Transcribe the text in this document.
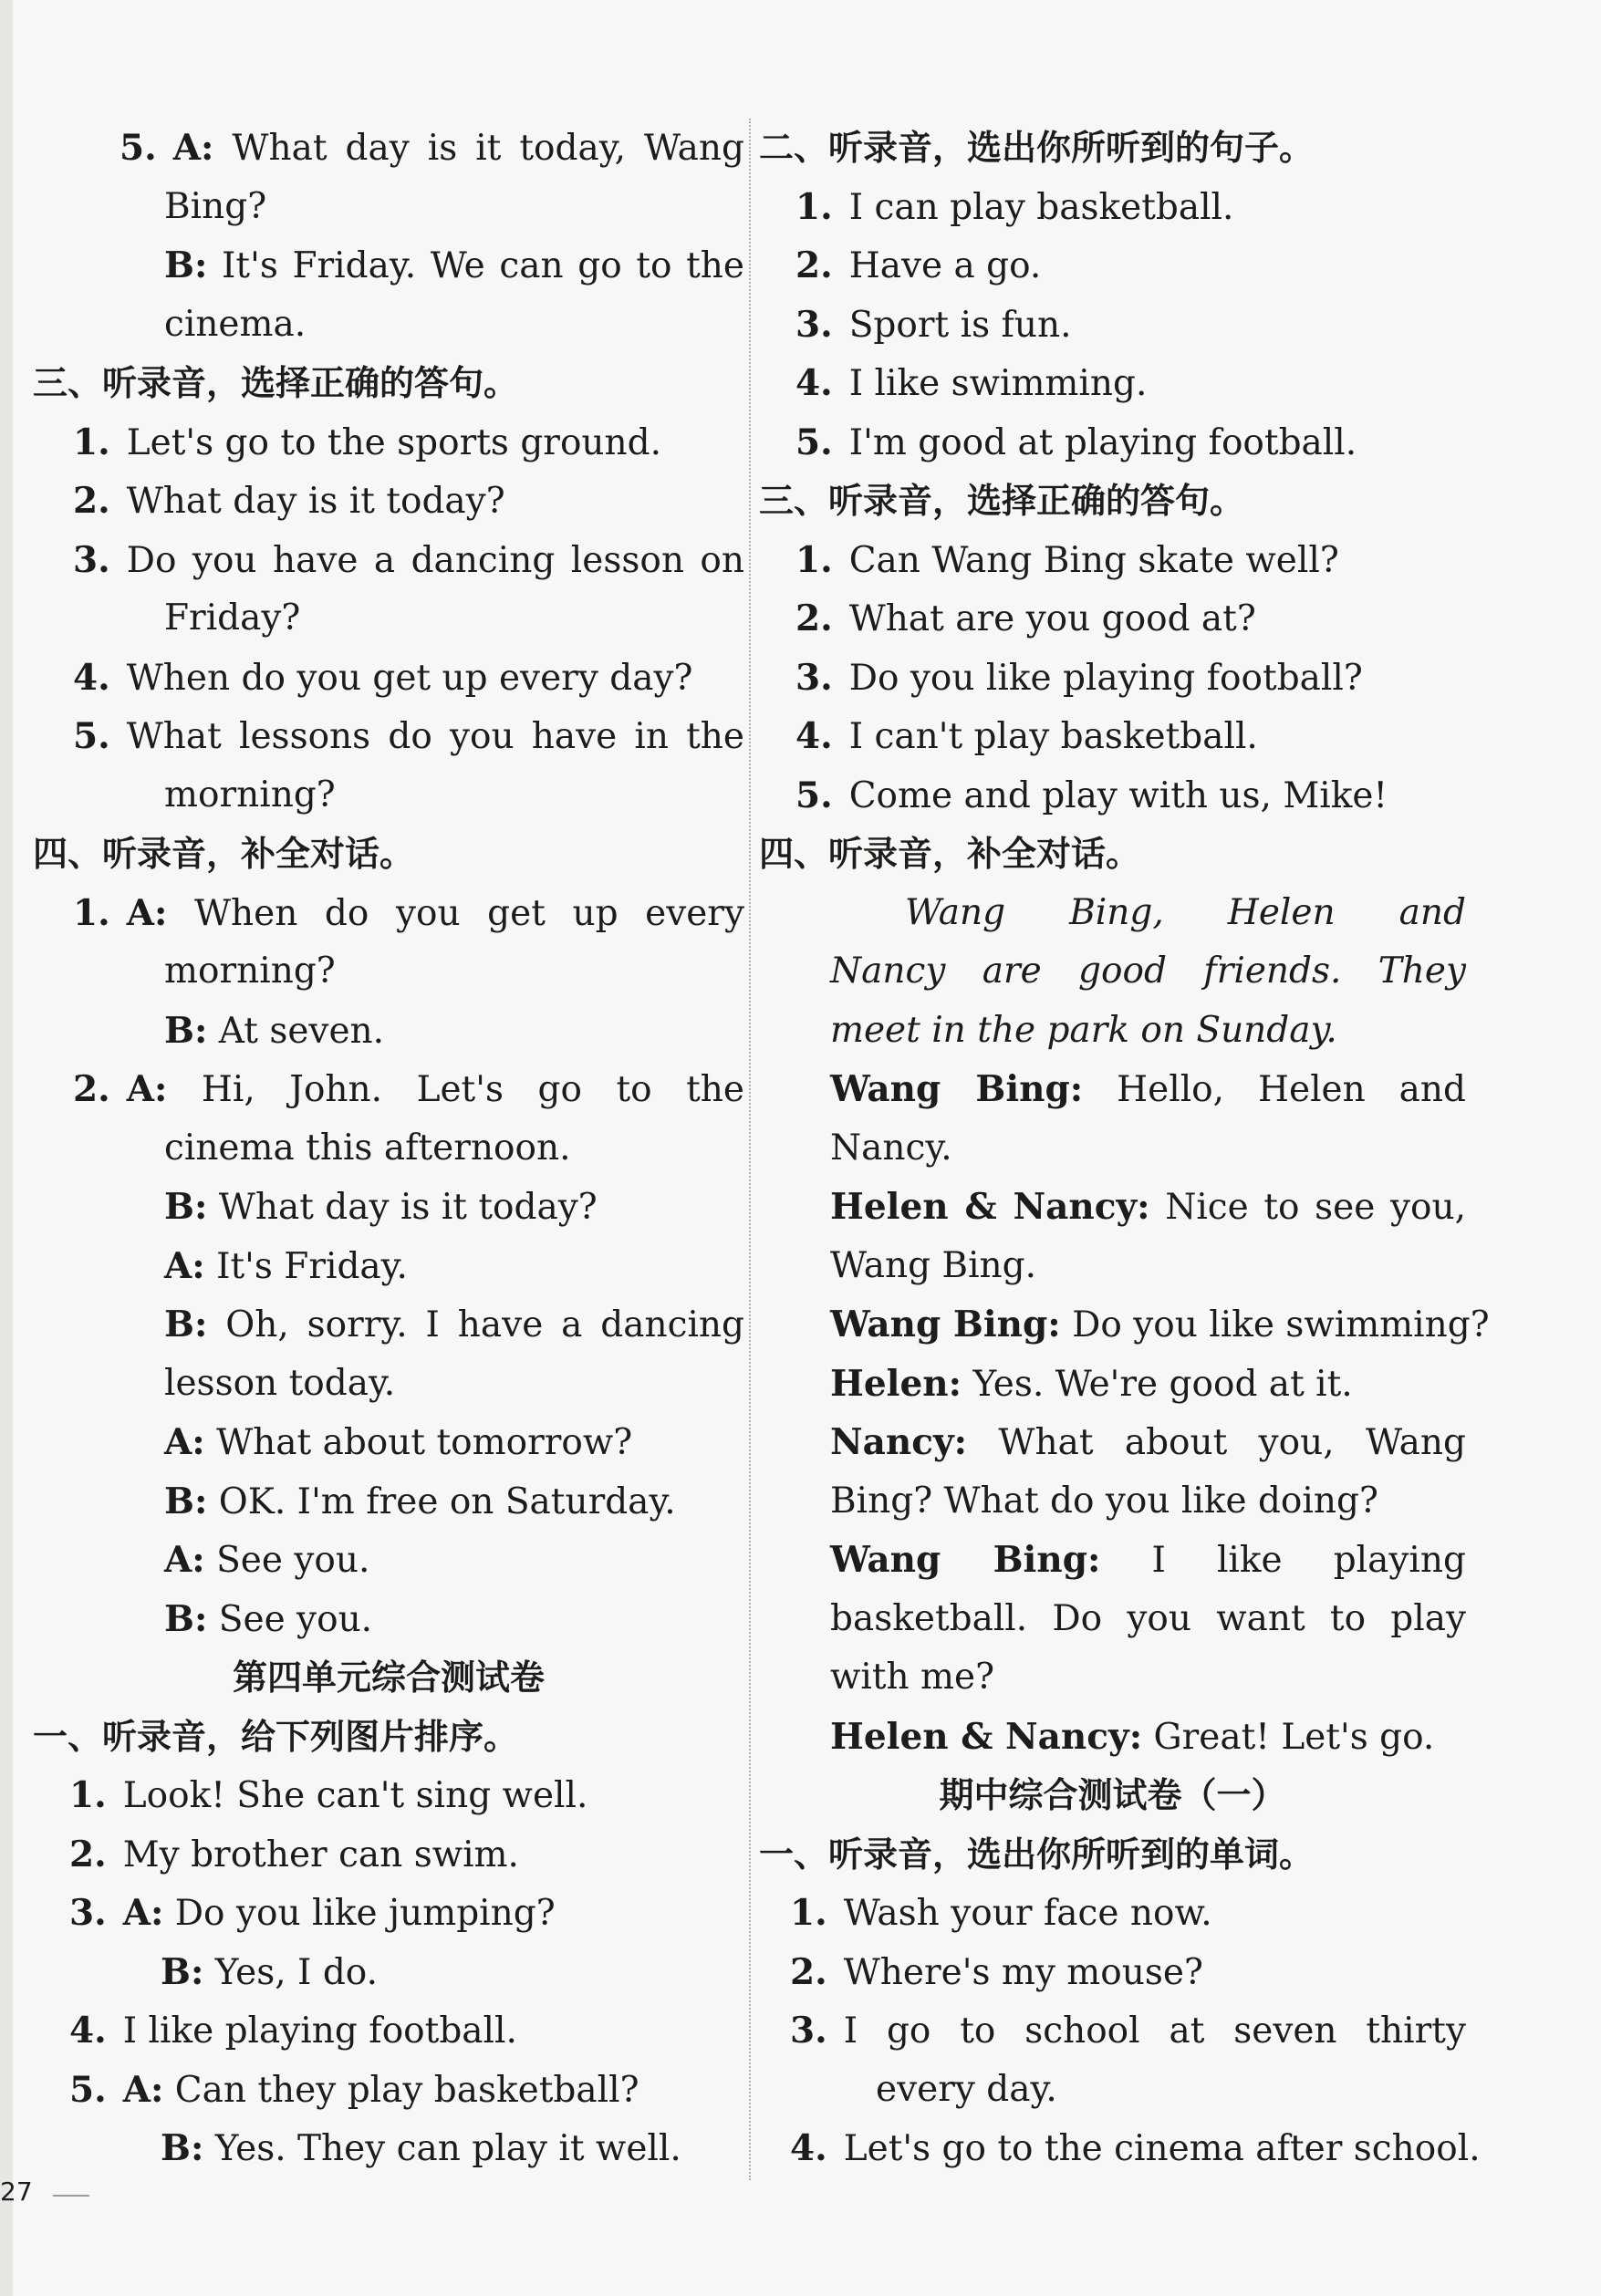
5. A: What day is it today, Wang
Bing?
B: It's Friday. We can go to the
cinema.
三、听录音，选择正确的答句。
1. Let's go to the sports ground.
2. What day is it today?
3. Do you have a dancing lesson on
Friday?
4. When do you get up every day?
5. What lessons do you have in the
morning?
四、听录音，补全对话。
1. A: When do you get up every
morning?
B: At seven.
2. A: Hi, John. Let's go to the
cinema this afternoon.
B: What day is it today?
A: It's Friday.
B: Oh, sorry. I have a dancing
lesson today.
A: What about tomorrow?
B: OK. I'm free on Saturday.
A: See you.
B: See you.
第四单元综合测试卷
一、听录音，给下列图片排序。
1. Look! She can't sing well.
2. My brother can swim.
3. A: Do you like jumping?
B: Yes, I do.
4. I like playing football.
5. A: Can they play basketball?
B: Yes. They can play it well.
二、听录音，选出你所听到的句子。
1. I can play basketball.
2. Have a go.
3. Sport is fun.
4. I like swimming.
5. I'm good at playing football.
三、听录音，选择正确的答句。
1. Can Wang Bing skate well?
2. What are you good at?
3. Do you like playing football?
4. I can't play basketball.
5. Come and play with us, Mike!
四、听录音，补全对话。
Wang Bing, Helen and
Nancy are good friends. They
meet in the park on Sunday.
Wang Bing: Hello, Helen and
Nancy.
Helen & Nancy: Nice to see you,
Wang Bing.
Wang Bing: Do you like swimming?
Helen: Yes. We're good at it.
Nancy: What about you, Wang
Bing? What do you like doing?
Wang Bing: I like playing
basketball. Do you want to play
with me?
Helen & Nancy: Great! Let's go.
期中综合测试卷（一）
一、听录音，选出你所听到的单词。
1. Wash your face now.
2. Where's my mouse?
3. I go to school at seven thirty
every day.
4. Let's go to the cinema after school.
27
